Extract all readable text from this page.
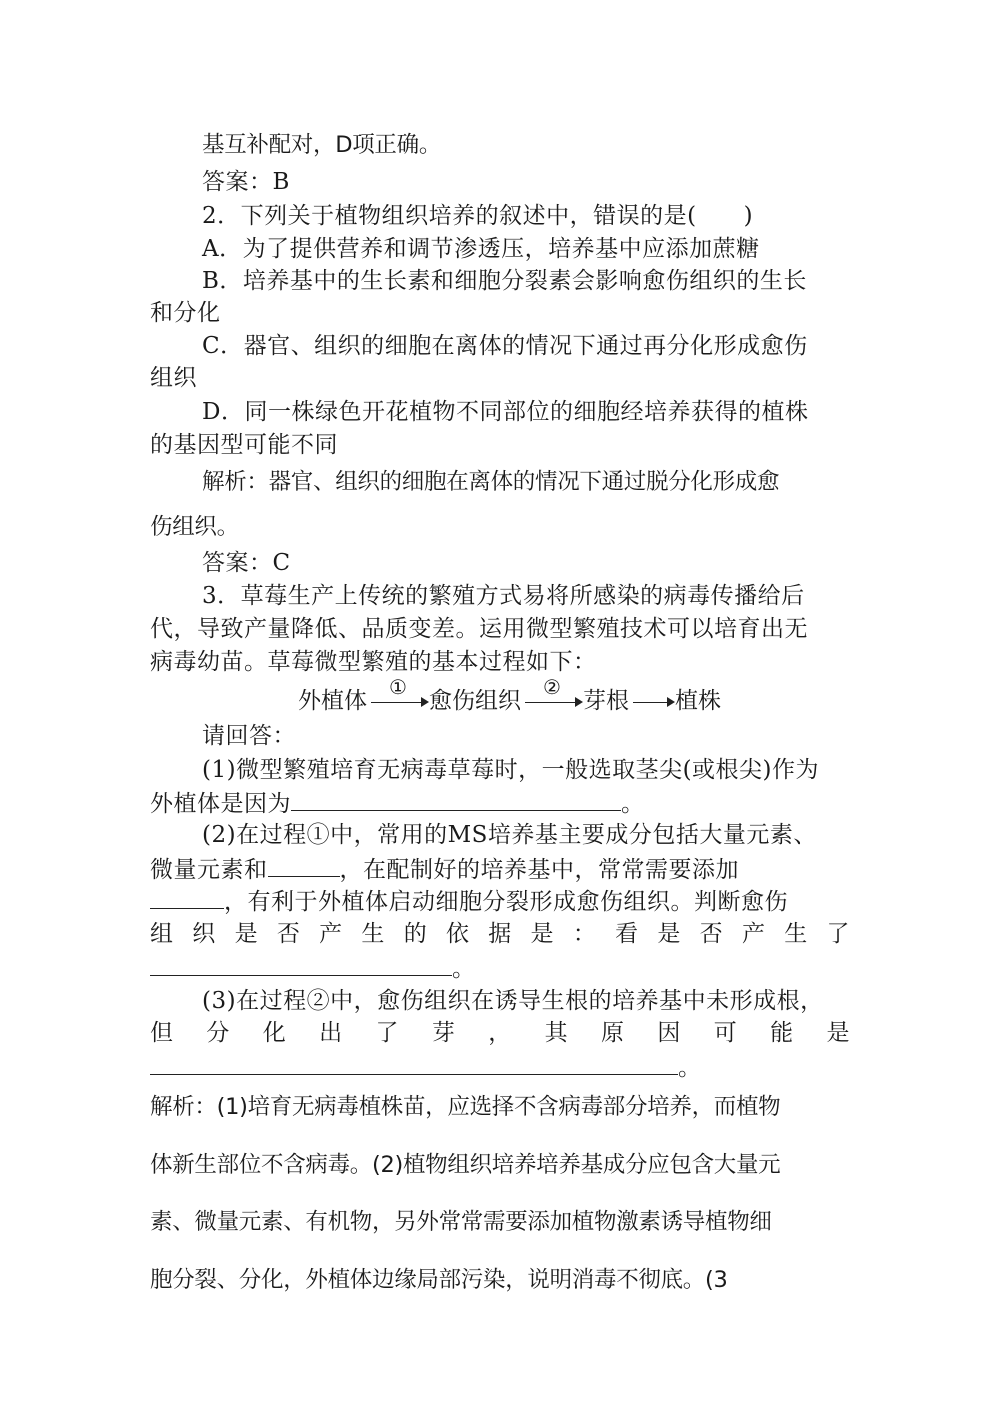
基互补配对，D项正确。
答案：B
2．下列关于植物组织培养的叙述中，错误的是(　　)
A．为了提供营养和调节渗透压，培养基中应添加蔗糖
B．培养基中的生长素和细胞分裂素会影响愈伤组织的生长
和分化
C．器官、组织的细胞在离体的情况下通过再分化形成愈伤
组织
D．同一株绿色开花植物不同部位的细胞经培养获得的植株
的基因型可能不同
解析：器官、组织的细胞在离体的情况下通过脱分化形成愈
伤组织。
答案：C
3．草莓生产上传统的繁殖方式易将所感染的病毒传播给后
代，导致产量降低、品质变差。运用微型繁殖技术可以培育出无
病毒幼苗。草莓微型繁殖的基本过程如下：
外植体
①
愈伤组织
②
芽根 植株
请回答：
(1)微型繁殖培育无病毒草莓时，一般选取茎尖(或根尖)作为
外植体是因为	。
(2)在过程①中，常用的MS培养基主要成分包括大量元素、
微量元素和	，在配制好的培养基中，常常需要添加
，有利于外植体启动细胞分裂形成愈伤组织。判断愈伤
组 织 是 否 产 生 的 依 据 是 ： 看 是 否 产 生 了
。
(3)在过程②中，愈伤组织在诱导生根的培养基中未形成根，
但 分 化 出 了 芽 ， 其 原 因 可 能 是
。
解析：(1)培育无病毒植株苗，应选择不含病毒部分培养，而植物
体新生部位不含病毒。(2)植物组织培养培养基成分应包含大量元
素、微量元素、有机物，另外常常需要添加植物激素诱导植物细
胞分裂、分化，外植体边缘局部污染，说明消毒不彻底。(3
